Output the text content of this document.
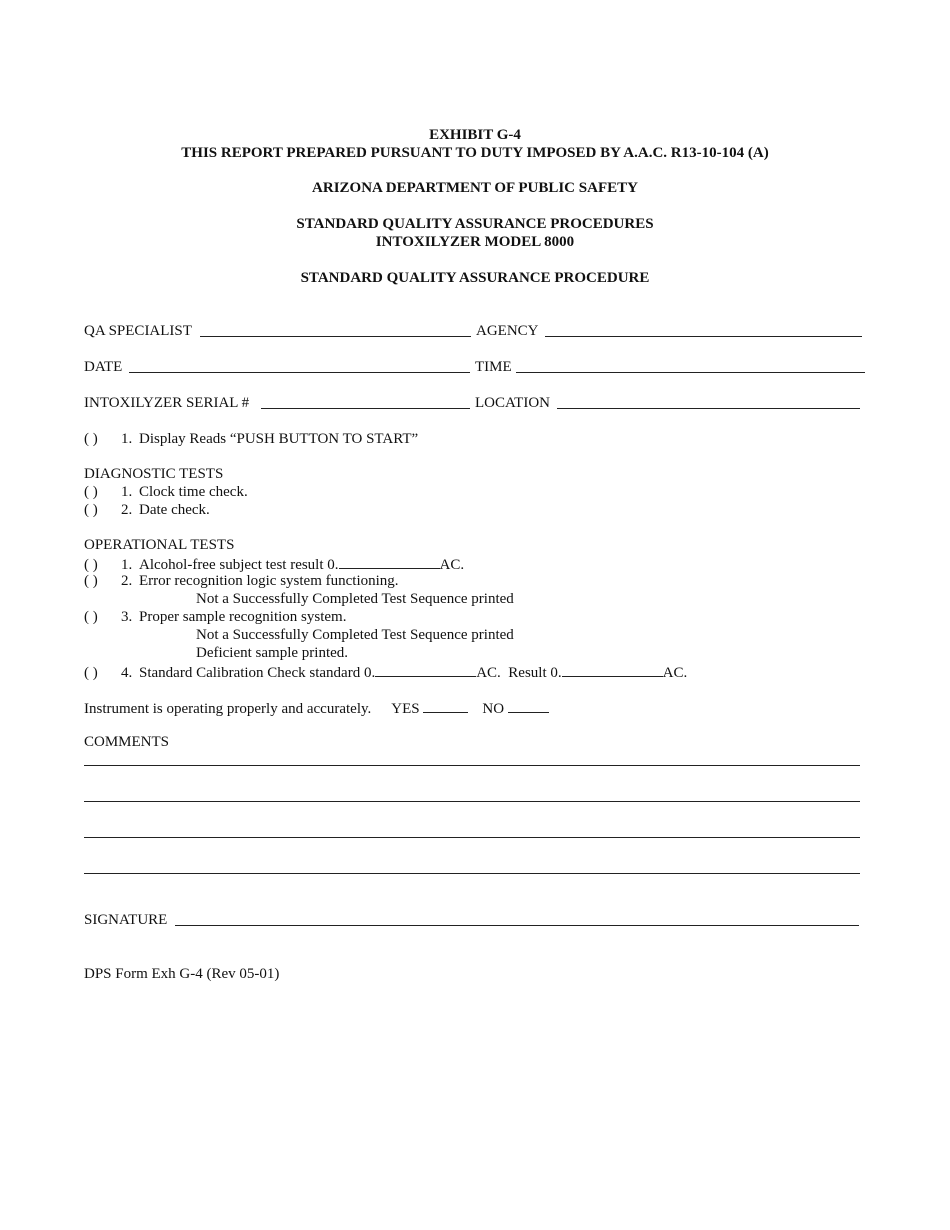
EXHIBIT G-4
THIS REPORT PREPARED PURSUANT TO DUTY IMPOSED BY A.A.C. R13-10-104 (A)
ARIZONA DEPARTMENT OF PUBLIC SAFETY
STANDARD QUALITY ASSURANCE PROCEDURES
INTOXILYZER MODEL 8000
STANDARD QUALITY ASSURANCE PROCEDURE
QA SPECIALIST	AGENCY
DATE	TIME
INTOXILYZER SERIAL #	LOCATION
( ) 1. Display Reads “PUSH BUTTON TO START”
DIAGNOSTIC TESTS
( ) 1. Clock time check.
( ) 2. Date check.
OPERATIONAL TESTS
( ) 1. Alcohol-free subject test result 0.	AC.
( ) 2. Error recognition logic system functioning.
Not a Successfully Completed Test Sequence printed
( ) 3. Proper sample recognition system.
Not a Successfully Completed Test Sequence printed
Deficient sample printed.
( ) 4. Standard Calibration Check standard 0.	AC.  Result 0.	AC.
Instrument is operating properly and accurately. YES	NO
COMMENTS
SIGNATURE
DPS Form Exh G-4 (Rev 05-01)
